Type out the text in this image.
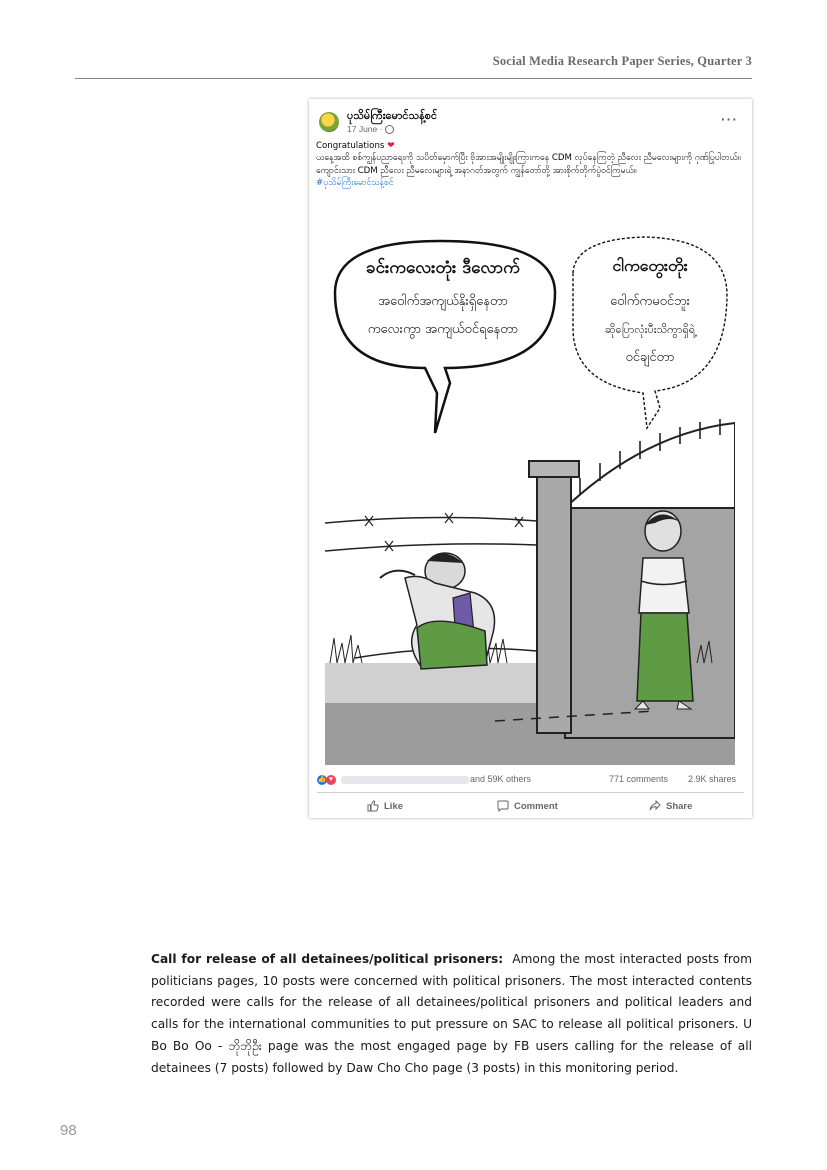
Social Media Research Paper Series, Quarter 3
ပုသိမ်ကြီးမောင်သန့်စင်
17 June ·
···

Congratulations ❤

ယနေ့အထိ စစ်ကျွန်ပညာရေးကို သပိတ်မှောက်ပြီး ဗိုအားအမျိုးမျိုးကြားကနေ CDM လုပ်နေကြတဲ့ ညီလေး ညီမလေးများကို ဂုဏ်ပြုပါတယ်။

ကျောင်းသား CDM ညီလေး ညီမလေးများရဲ့ အနာဂတ်အတွက် ကျွန်တော်တို့ အားစိုက်တိုက်ပွဲဝင်ကြမယ်။

#ပုသိမ်ကြီးမောင်သန့်စင်

ခင်းကလေးတုံး ဒီလောက်
အဝေါက်အကျယ်နိုးရှိနေတာ
ကလေးကွာ အကျယ်ဝင်ရနေတာ
ငါကတွေးတိုး
ဝေါက်ကမဝင်ဘူး
ဆိုပြောလုံးပီးသိကွာရှိရဲ့
ဝင်ချင်တာ
👍 ♥	and 59K others	771 comments 2.9K shares
Like	Comment	Share
Call for release of all detainees/political prisoners: Among the most interacted posts from politicians pages, 10 posts were concerned with political prisoners. The most interacted contents recorded were calls for the release of all detainees/political prisoners and political leaders and calls for the international communities to put pressure on SAC to release all political prisoners. U Bo Bo Oo - ဘိုဘိုဦး page was the most engaged page by FB users calling for the release of all detainees (7 posts) followed by Daw Cho Cho page (3 posts) in this monitoring period.
98
